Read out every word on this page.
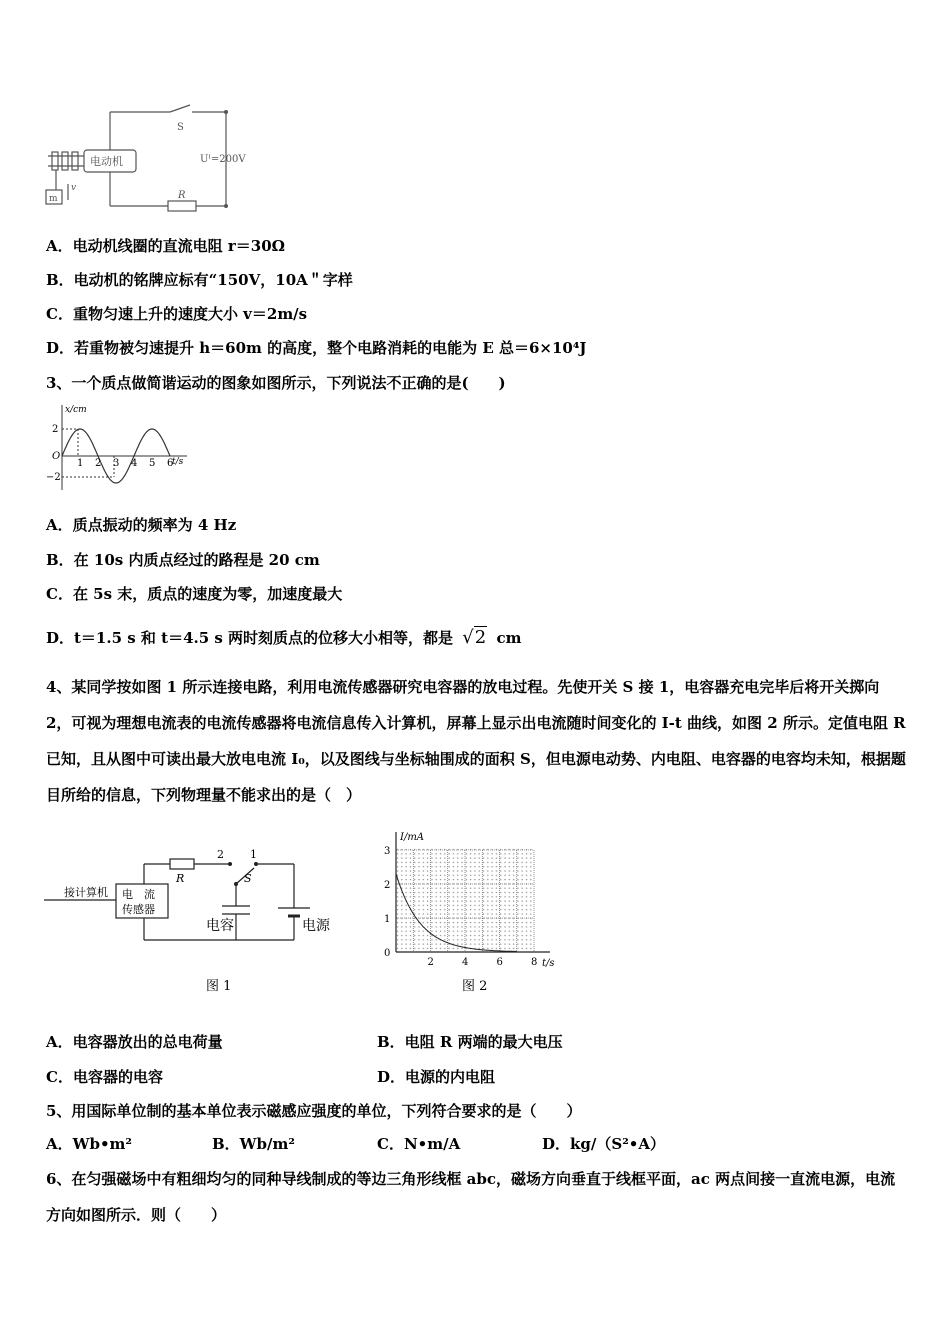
S
电动机	Uᴵ=200V
R
m
v
A．电动机线圈的直流电阻 r＝30Ω
B．电动机的铭牌应标有“150V，10A＂字样
C．重物匀速上升的速度大小 v＝2m/s
D．若重物被匀速提升 h＝60m 的高度，整个电路消耗的电能为 E 总＝6×10⁴J
3、一个质点做简谐运动的图象如图所示，下列说法不正确的是(　　)
x/cm
t/s
O
2
−2
1 2 3 4 5 6
A．质点振动的频率为 4 Hz
B．在 10s 内质点经过的路程是 20 cm
C．在 5s 末，质点的速度为零，加速度最大
D．t＝1.5 s 和 t＝4.5 s 两时刻质点的位移大小相等，都是 √2 cm
4、某同学按如图 1 所示连接电路，利用电流传感器研究电容器的放电过程。先使开关 S 接 1，电容器充电完毕后将开关掷向 2，可视为理想电流表的电流传感器将电流信息传入计算机，屏幕上显示出电流随时间变化的 I-t 曲线，如图 2 所示。定值电阻 R 已知，且从图中可读出最大放电电流 I₀，以及图线与坐标轴围成的面积 S，但电源电动势、内电阻、电容器的电容均未知，根据题目所给的信息，下列物理量不能求出的是（　）
接计算机 电　流
传感器
R
2 1
S
电容	电源
图 1
I/mA
t/s
0
1
2
3
2	4	6	8
图 2
A．电容器放出的总电荷量	B．电阻 R 两端的最大电压
C．电容器的电容	D．电源的内电阻
5、用国际单位制的基本单位表示磁感应强度的单位，下列符合要求的是（　　）
A．Wb•m²	B．Wb/m²	C．N•m/A	D．kg/（S²•A）
6、在匀强磁场中有粗细均匀的同种导线制成的等边三角形线框 abc，磁场方向垂直于线框平面，ac 两点间接一直流电源，电流方向如图所示．则（　　）
